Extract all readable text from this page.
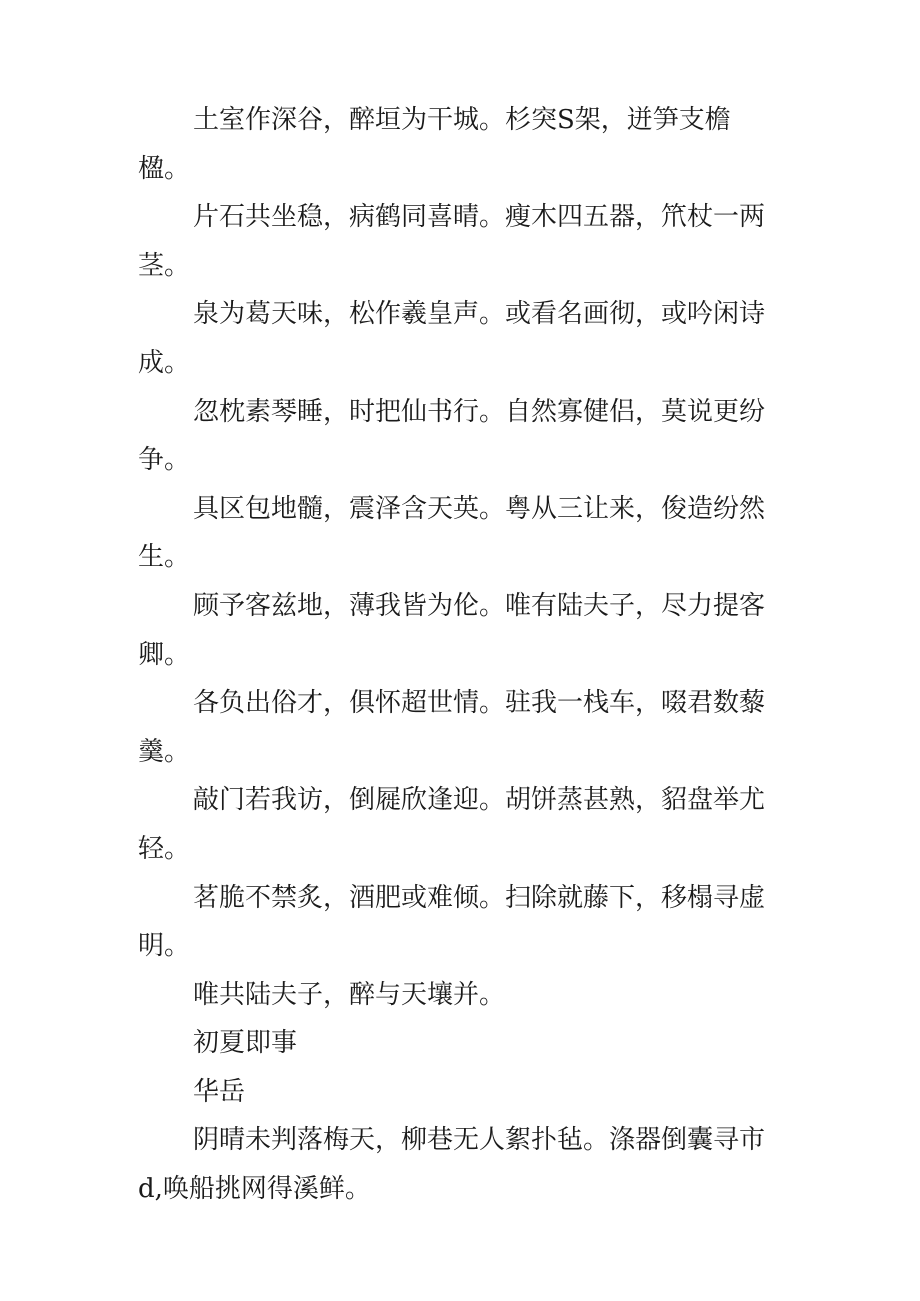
土室作深谷，醉垣为干城。杉突S架，迸笋支檐楹。

片石共坐稳，病鹤同喜晴。瘦木四五器，笊杖一两茎。

泉为葛天味，松作羲皇声。或看名画彻，或吟闲诗成。

忽枕素琴睡，时把仙书行。自然寡健侣，莫说更纷争。

具区包地髓，震泽含天英。粤从三让来，俊造纷然生。

顾予客兹地，薄我皆为伦。唯有陆夫子，尽力提客卿。

各负出俗才，俱怀超世情。驻我一栈车，啜君数藜羹。

敲门若我访，倒屣欣逢迎。胡饼蒸甚熟，貂盘举尤轻。

茗脆不禁炙，酒肥或难倾。扫除就藤下，移榻寻虚明。

唯共陆夫子，醉与天壤并。

初夏即事

华岳

阴晴未判落梅天，柳巷无人絮扑毡。涤器倒囊寻市d,唤船挑网得溪鲜。
